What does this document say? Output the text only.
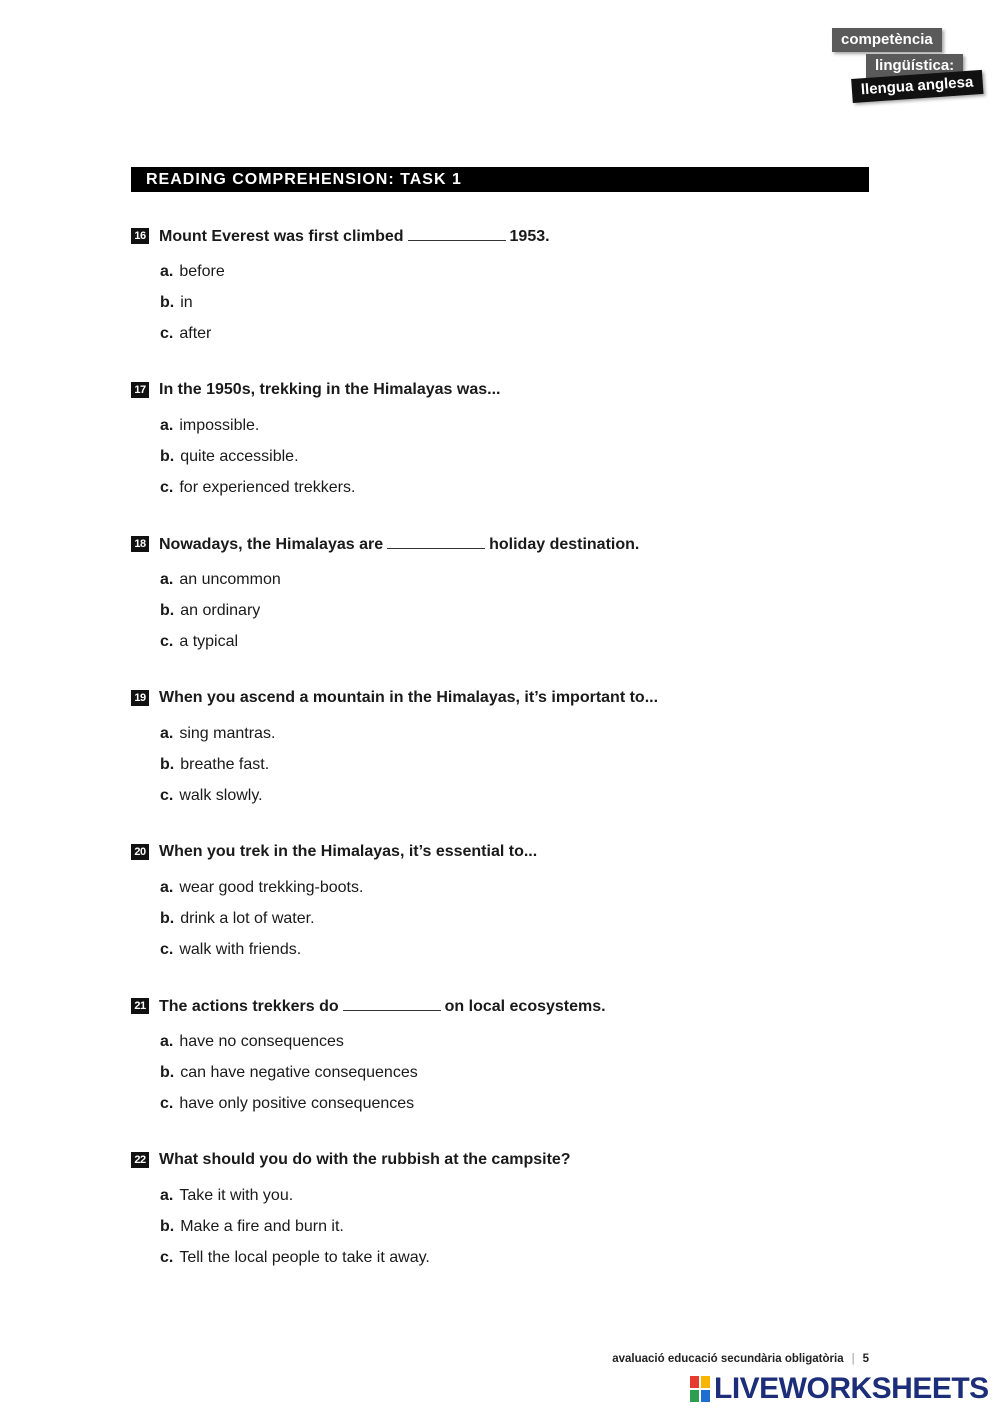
competència
lingüística:
llengua anglesa
READING COMPREHENSION: TASK 1
16 Mount Everest was first climbed	1953.
a. before
b. in
c. after
17 In the 1950s, trekking in the Himalayas was...
a. impossible.
b. quite accessible.
c. for experienced trekkers.
18 Nowadays, the Himalayas are	holiday destination.
a. an uncommon
b. an ordinary
c. a typical
19 When you ascend a mountain in the Himalayas, it’s important to...
a. sing mantras.
b. breathe fast.
c. walk slowly.
20 When you trek in the Himalayas, it’s essential to...
a. wear good trekking-boots.
b. drink a lot of water.
c. walk with friends.
21 The actions trekkers do	on local ecosystems.
a. have no consequences
b. can have negative consequences
c. have only positive consequences
22 What should you do with the rubbish at the campsite?
a. Take it with you.
b. Make a fire and burn it.
c. Tell the local people to take it away.
avaluació educació secundària obligatòria | 5
LIVEWORKSHEETS
